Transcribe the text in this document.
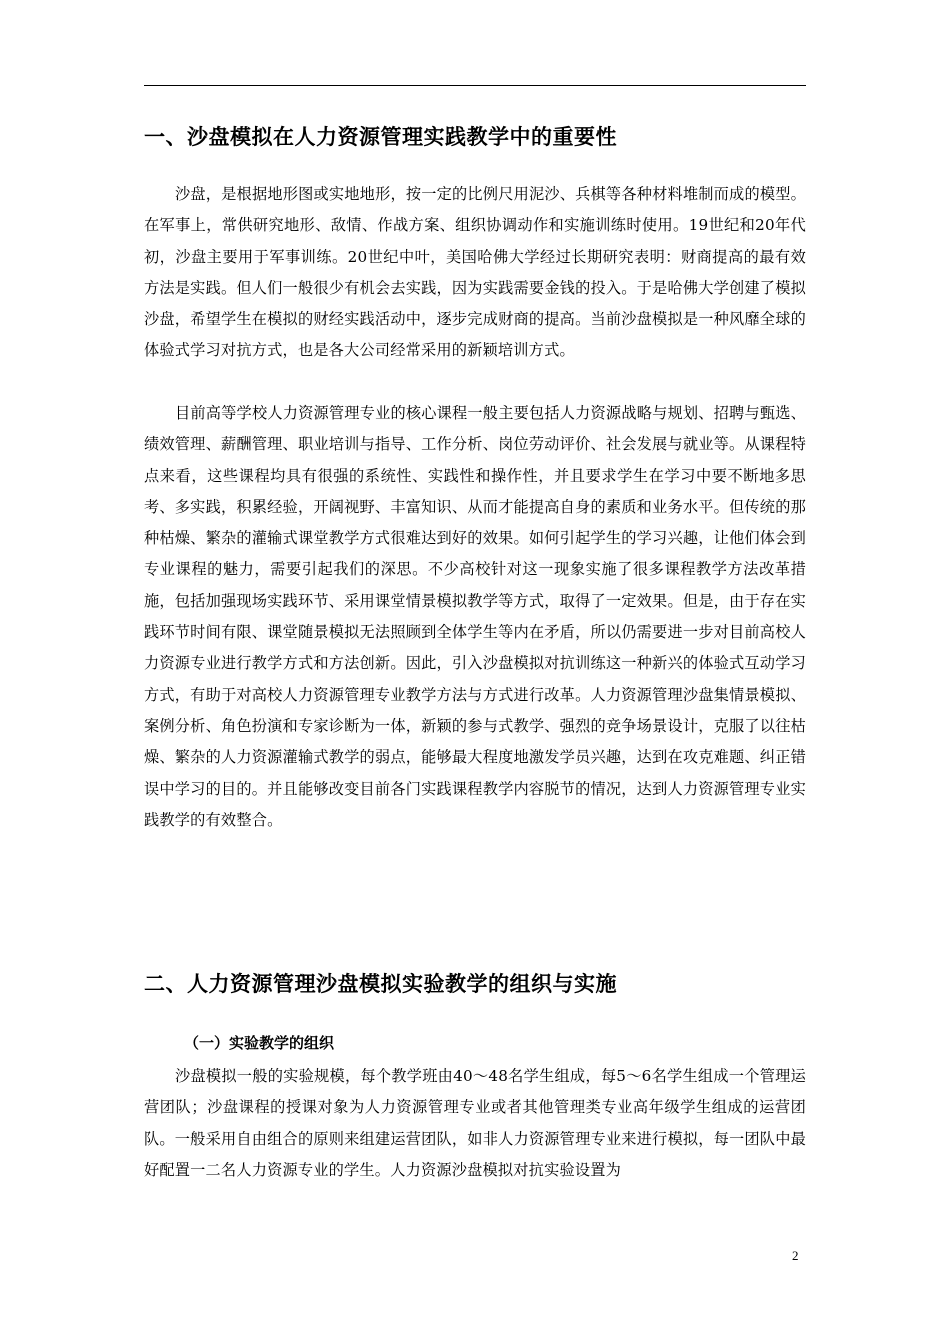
一、沙盘模拟在人力资源管理实践教学中的重要性

沙盘，是根据地形图或实地地形，按一定的比例尺用泥沙、兵棋等各种材料堆制而成的模型。在军事上，常供研究地形、敌情、作战方案、组织协调动作和实施训练时使用。19世纪和20年代初，沙盘主要用于军事训练。20世纪中叶，美国哈佛大学经过长期研究表明：财商提高的最有效方法是实践。但人们一般很少有机会去实践，因为实践需要金钱的投入。于是哈佛大学创建了模拟沙盘，希望学生在模拟的财经实践活动中，逐步完成财商的提高。当前沙盘模拟是一种风靡全球的体验式学习对抗方式，也是各大公司经常采用的新颖培训方式。

目前高等学校人力资源管理专业的核心课程一般主要包括人力资源战略与规划、招聘与甄选、绩效管理、薪酬管理、职业培训与指导、工作分析、岗位劳动评价、社会发展与就业等。从课程特点来看，这些课程均具有很强的系统性、实践性和操作性，并且要求学生在学习中要不断地多思考、多实践，积累经验，开阔视野、丰富知识、从而才能提高自身的素质和业务水平。但传统的那种枯燥、繁杂的灌输式课堂教学方式很难达到好的效果。如何引起学生的学习兴趣，让他们体会到专业课程的魅力，需要引起我们的深思。不少高校针对这一现象实施了很多课程教学方法改革措施，包括加强现场实践环节、采用课堂情景模拟教学等方式，取得了一定效果。但是，由于存在实践环节时间有限、课堂随景模拟无法照顾到全体学生等内在矛盾，所以仍需要进一步对目前高校人力资源专业进行教学方式和方法创新。因此，引入沙盘模拟对抗训练这一种新兴的体验式互动学习方式，有助于对高校人力资源管理专业教学方法与方式进行改革。人力资源管理沙盘集情景模拟、案例分析、角色扮演和专家诊断为一体，新颖的参与式教学、强烈的竞争场景设计，克服了以往枯燥、繁杂的人力资源灌输式教学的弱点，能够最大程度地激发学员兴趣，达到在攻克难题、纠正错误中学习的目的。并且能够改变目前各门实践课程教学内容脱节的情况，达到人力资源管理专业实践教学的有效整合。

二、人力资源管理沙盘模拟实验教学的组织与实施
（一）实验教学的组织

沙盘模拟一般的实验规模，每个教学班由40～48名学生组成，每5～6名学生组成一个管理运营团队；沙盘课程的授课对象为人力资源管理专业或者其他管理类专业高年级学生组成的运营团队。一般采用自由组合的原则来组建运营团队，如非人力资源管理专业来进行模拟，每一团队中最好配置一二名人力资源专业的学生。人力资源沙盘模拟对抗实验设置为

2
